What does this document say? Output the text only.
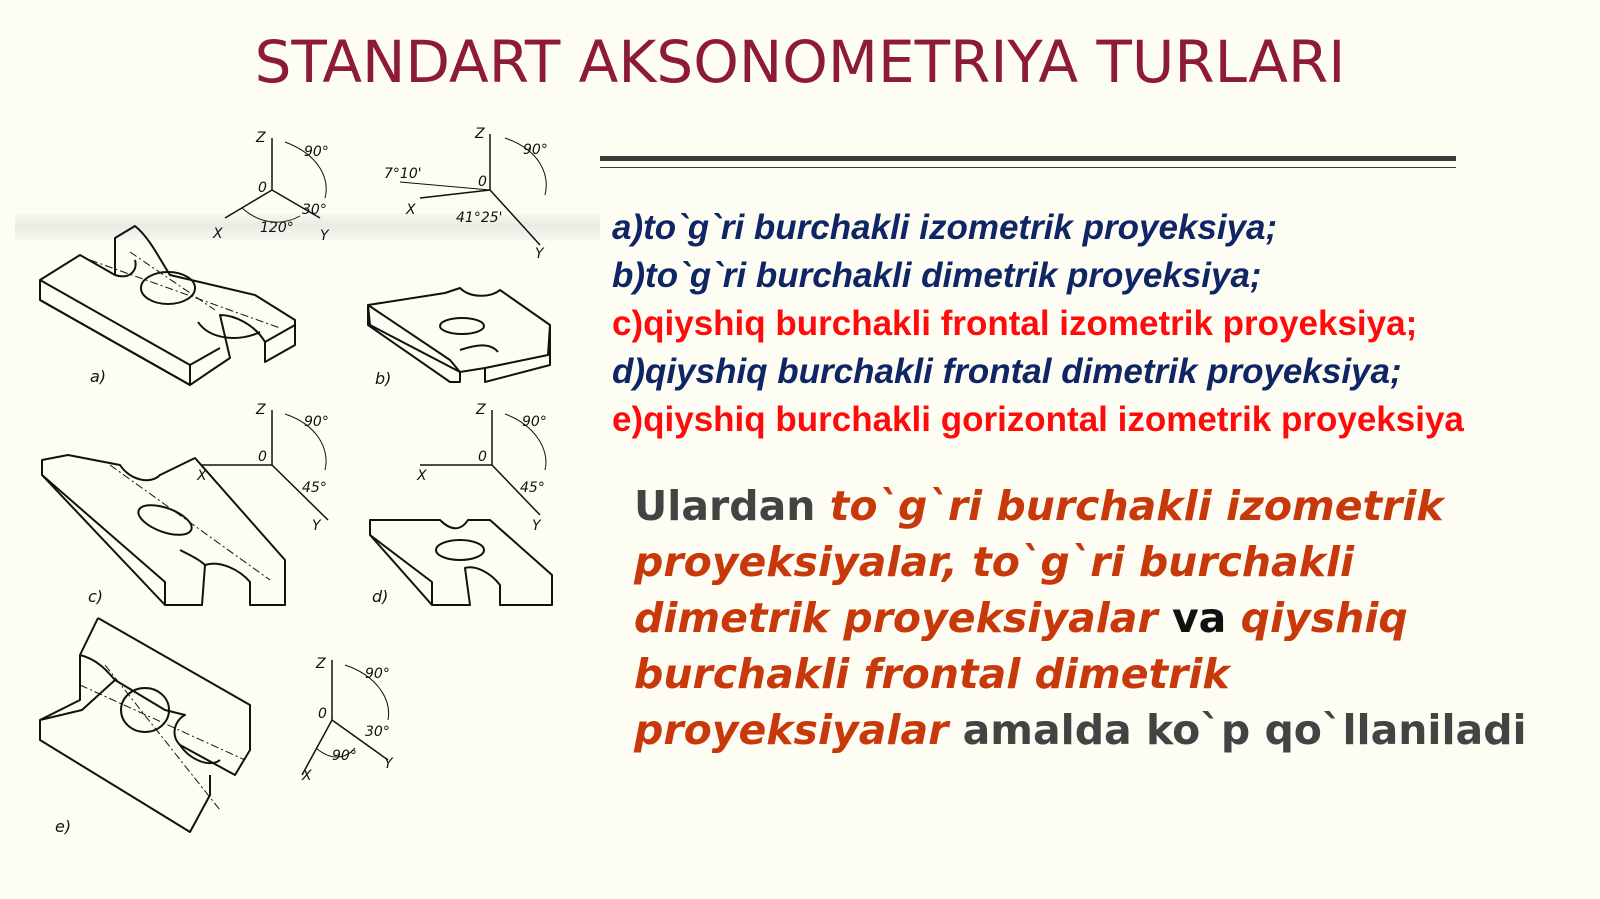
STANDART AKSONOMETRIYA TURLARI
a)	b)
c)	d)
e)
Z
0
X	Y
90°
120°
30°
Z
0
X
Y
90°
7°10'
41°25'
Z
0
X
Y
90°
45°
Z
0
X
Y
90°
45°
Z
0
X
Y
90°
90°
30°
a)to`g`ri burchakli izometrik proyeksiya;
b)to`g`ri burchakli dimetrik proyeksiya;
c)qiyshiq burchakli frontal izometrik proyeksiya;
d)qiyshiq burchakli frontal dimetrik proyeksiya;
e)qiyshiq burchakli gorizontal izometrik proyeksiya
Ulardan to`g`ri burchakli izometrik proyeksiyalar, to`g`ri burchakli dimetrik proyeksiyalar va qiyshiq burchakli frontal dimetrik proyeksiyalar amalda ko`p qo`llaniladi
